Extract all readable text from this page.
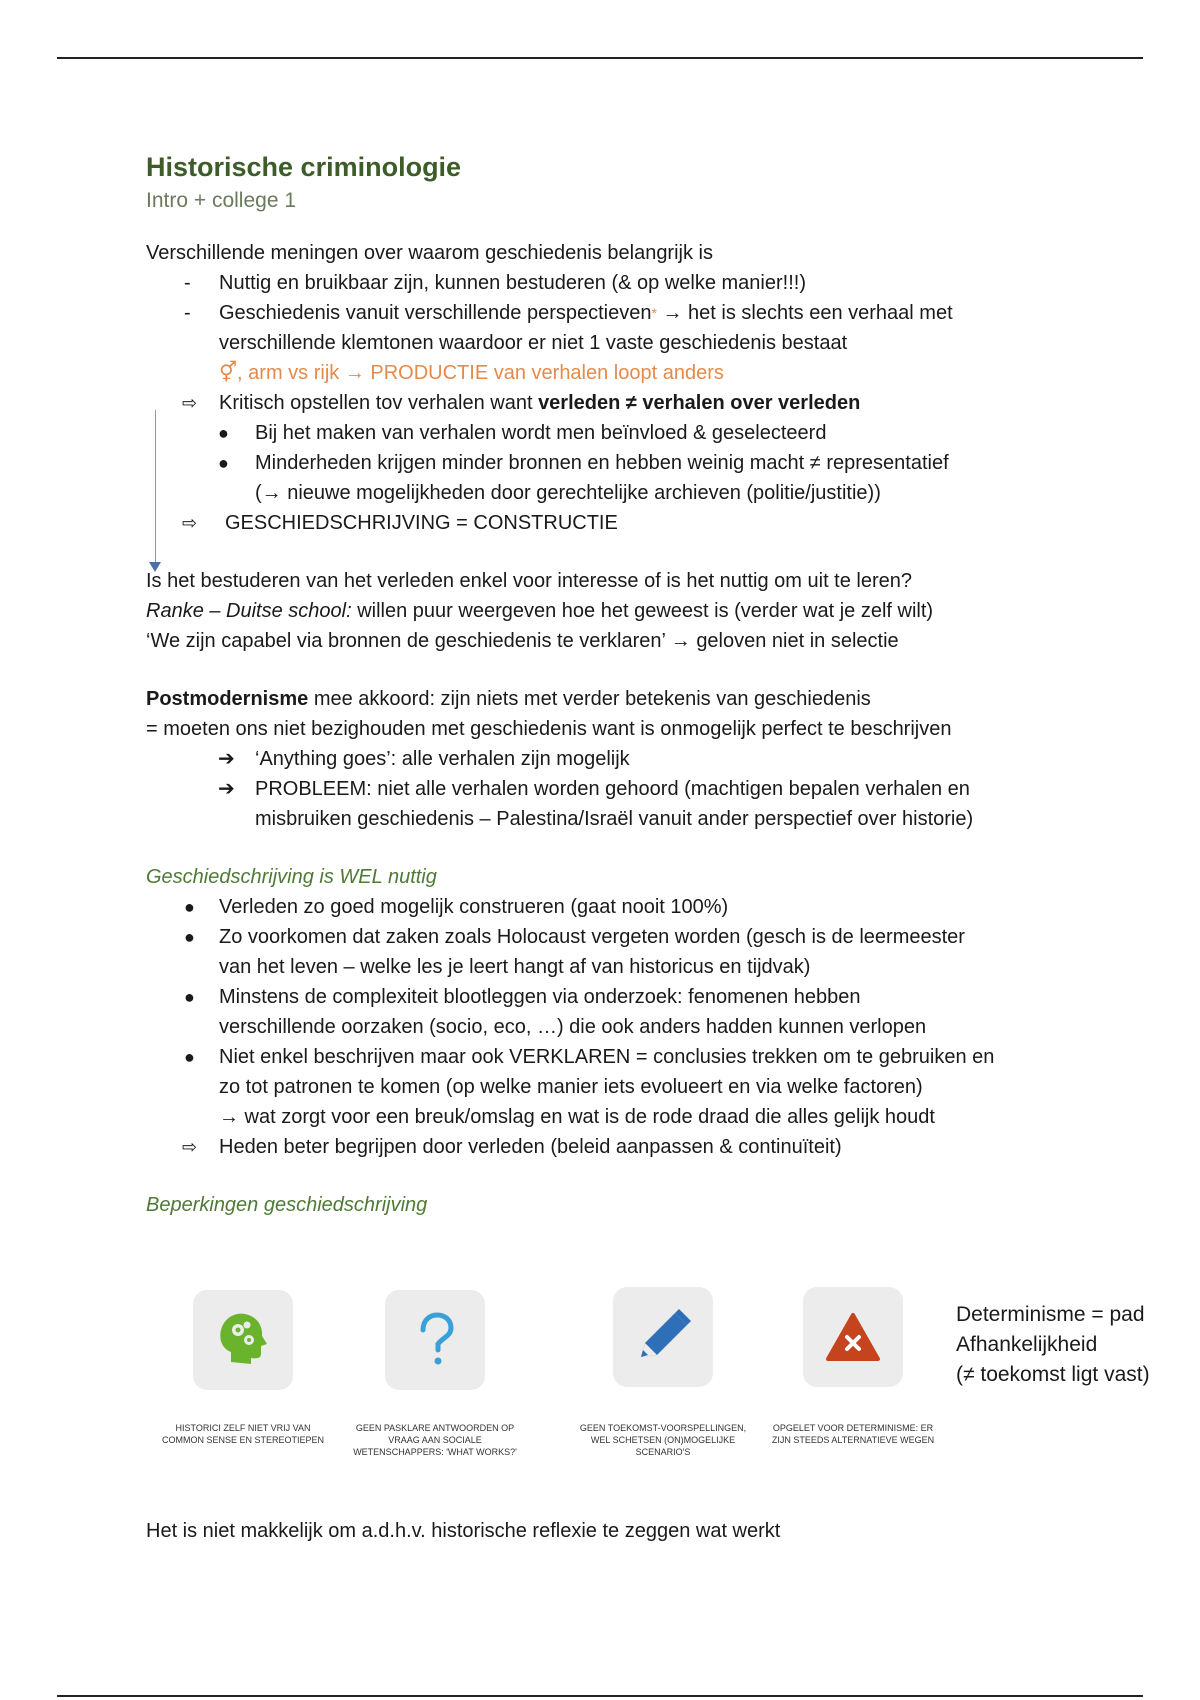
Historische criminologie
Intro + college 1

Verschillende meningen over waarom geschiedenis belangrijk is

- Nuttig en bruikbaar zijn, kunnen bestuderen (& op welke manier!!!)
- Geschiedenis vanuit verschillende perspectieven* → het is slechts een verhaal met
verschillende klemtonen waardoor er niet 1 vaste geschiedenis bestaat
⚥, arm vs rijk → PRODUCTIE van verhalen loopt anders
⇨ Kritisch opstellen tov verhalen want verleden ≠ verhalen over verleden
● Bij het maken van verhalen wordt men beïnvloed & geselecteerd
● Minderheden krijgen minder bronnen en hebben weinig macht ≠ representatief
(→ nieuwe mogelijkheden door gerechtelijke archieven (politie/justitie))
⇨ GESCHIEDSCHRIJVING = CONSTRUCTIE

Is het bestuderen van het verleden enkel voor interesse of is het nuttig om uit te leren?

Ranke – Duitse school: willen puur weergeven hoe het geweest is (verder wat je zelf wilt)

‘We zijn capabel via bronnen de geschiedenis te verklaren’ → geloven niet in selectie

Postmodernisme mee akkoord: zijn niets met verder betekenis van geschiedenis

= moeten ons niet bezighouden met geschiedenis want is onmogelijk perfect te beschrijven

➔ ‘Anything goes’: alle verhalen zijn mogelijk
➔ PROBLEEM: niet alle verhalen worden gehoord (machtigen bepalen verhalen en
misbruiken geschiedenis – Palestina/Israël vanuit ander perspectief over historie)

Geschiedschrijving is WEL nuttig

● Verleden zo goed mogelijk construeren (gaat nooit 100%)
● Zo voorkomen dat zaken zoals Holocaust vergeten worden (gesch is de leermeester
van het leven – welke les je leert hangt af van historicus en tijdvak)
● Minstens de complexiteit blootleggen via onderzoek: fenomenen hebben
verschillende oorzaken (socio, eco, …) die ook anders hadden kunnen verlopen
● Niet enkel beschrijven maar ook VERKLAREN = conclusies trekken om te gebruiken en
zo tot patronen te komen (op welke manier iets evolueert en via welke factoren)
→ wat zorgt voor een breuk/omslag en wat is de rode draad die alles gelijk houdt
⇨ Heden beter begrijpen door verleden (beleid aanpassen & continuïteit)

Beperkingen geschiedschrijving

HISTORICI ZELF NIET VRIJ VAN COMMON SENSE EN STEREOTIEPEN
GEEN PASKLARE ANTWOORDEN OP VRAAG AAN SOCIALE WETENSCHAPPERS: 'WHAT WORKS?'
GEEN TOEKOMST-VOORSPELLINGEN, WEL SCHETSEN (ON)MOGELIJKE SCENARIO'S
OPGELET VOOR DETERMINISME: ER ZIJN STEEDS ALTERNATIEVE WEGEN
Determinisme = pad
Afhankelijkheid
(≠ toekomst ligt vast)
Het is niet makkelijk om a.d.h.v. historische reflexie te zeggen wat werkt
